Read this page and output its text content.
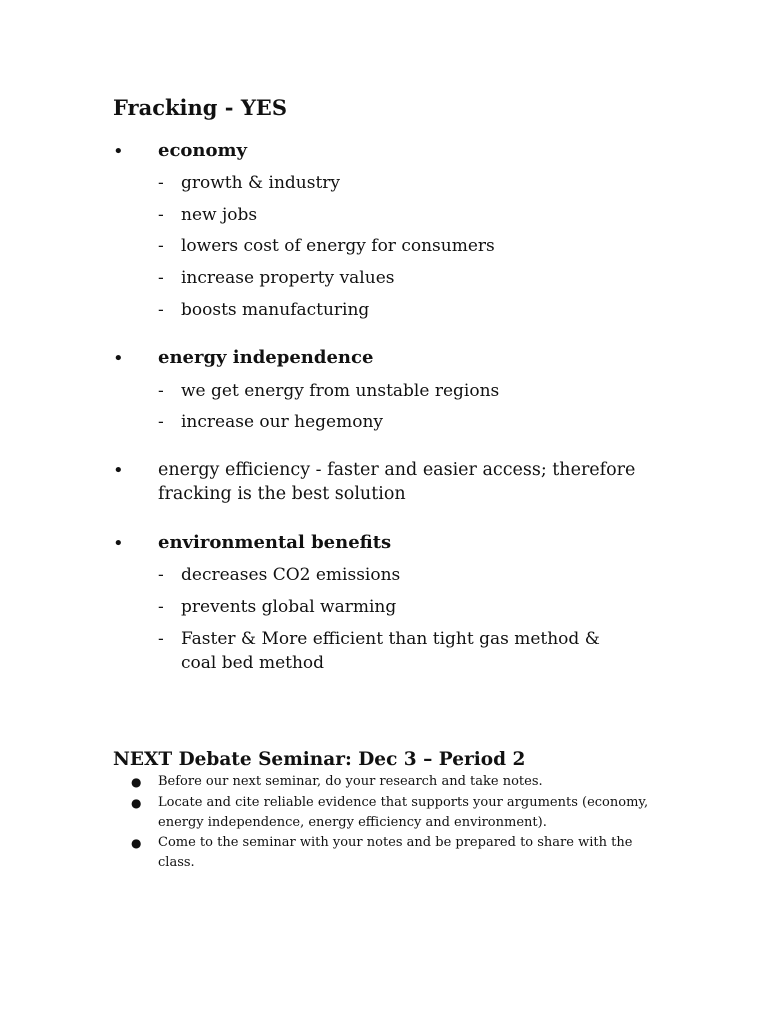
Fracking - YES
• economy
- growth & industry
- new jobs
- lowers cost of energy for consumers
- increase property values
- boosts manufacturing
• energy independence
- we get energy from unstable regions
- increase our hegemony
• energy efficiency - faster and easier access; therefore fracking is the best solution
• environmental benefits
- decreases CO2 emissions
- prevents global warming
- Faster & More efficient than tight gas method & coal bed method
NEXT Debate Seminar: Dec 3 – Period 2
● Before our next seminar, do your research and take notes.
● Locate and cite reliable evidence that supports your arguments (economy, energy independence, energy efficiency and environment).
● Come to the seminar with your notes and be prepared to share with the class.
